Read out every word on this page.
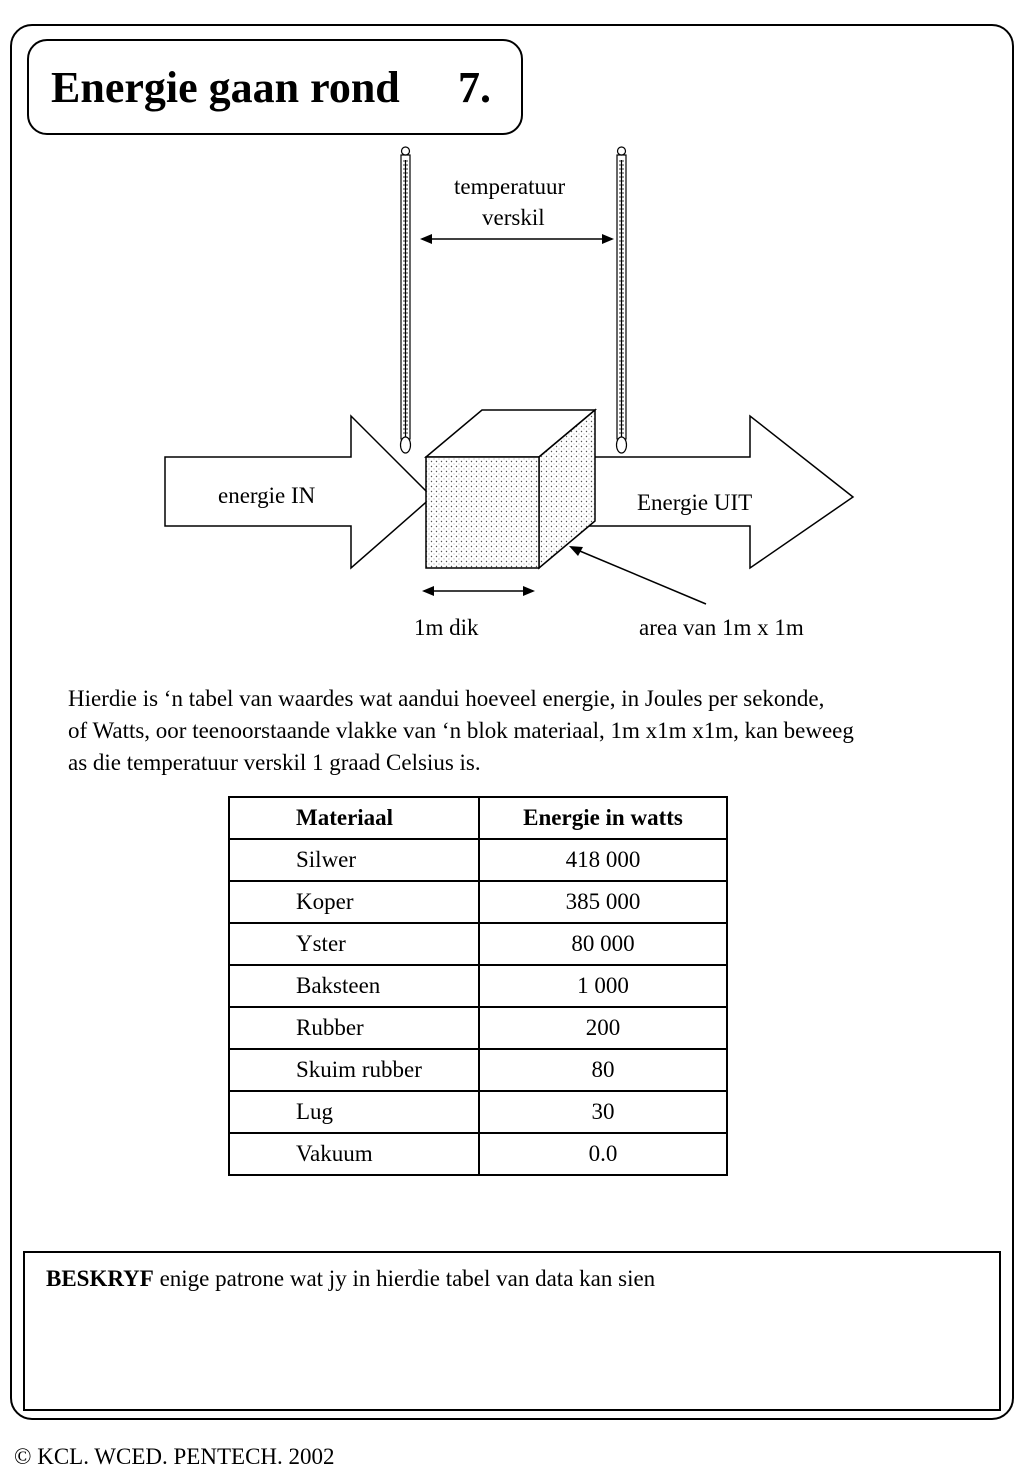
Energie gaan rond 7.
temperatuur
verskil
energie IN	Energie UIT
1m dik	area van 1m x 1m
Hierdie is ‘n tabel van waardes wat aandui hoeveel energie, in Joules per sekonde,
of Watts, oor teenoorstaande vlakke van ‘n blok materiaal, 1m x1m x1m, kan beweeg
as die temperatuur verskil 1 graad Celsius is.
Materiaal	Energie in watts
Silwer	418 000
Koper	385 000
Yster	80 000
Baksteen	1 000
Rubber	200
Skuim rubber	80
Lug	30
Vakuum	0.0
BESKRYF enige patrone wat jy in hierdie tabel van data kan sien
© KCL. WCED. PENTECH. 2002
